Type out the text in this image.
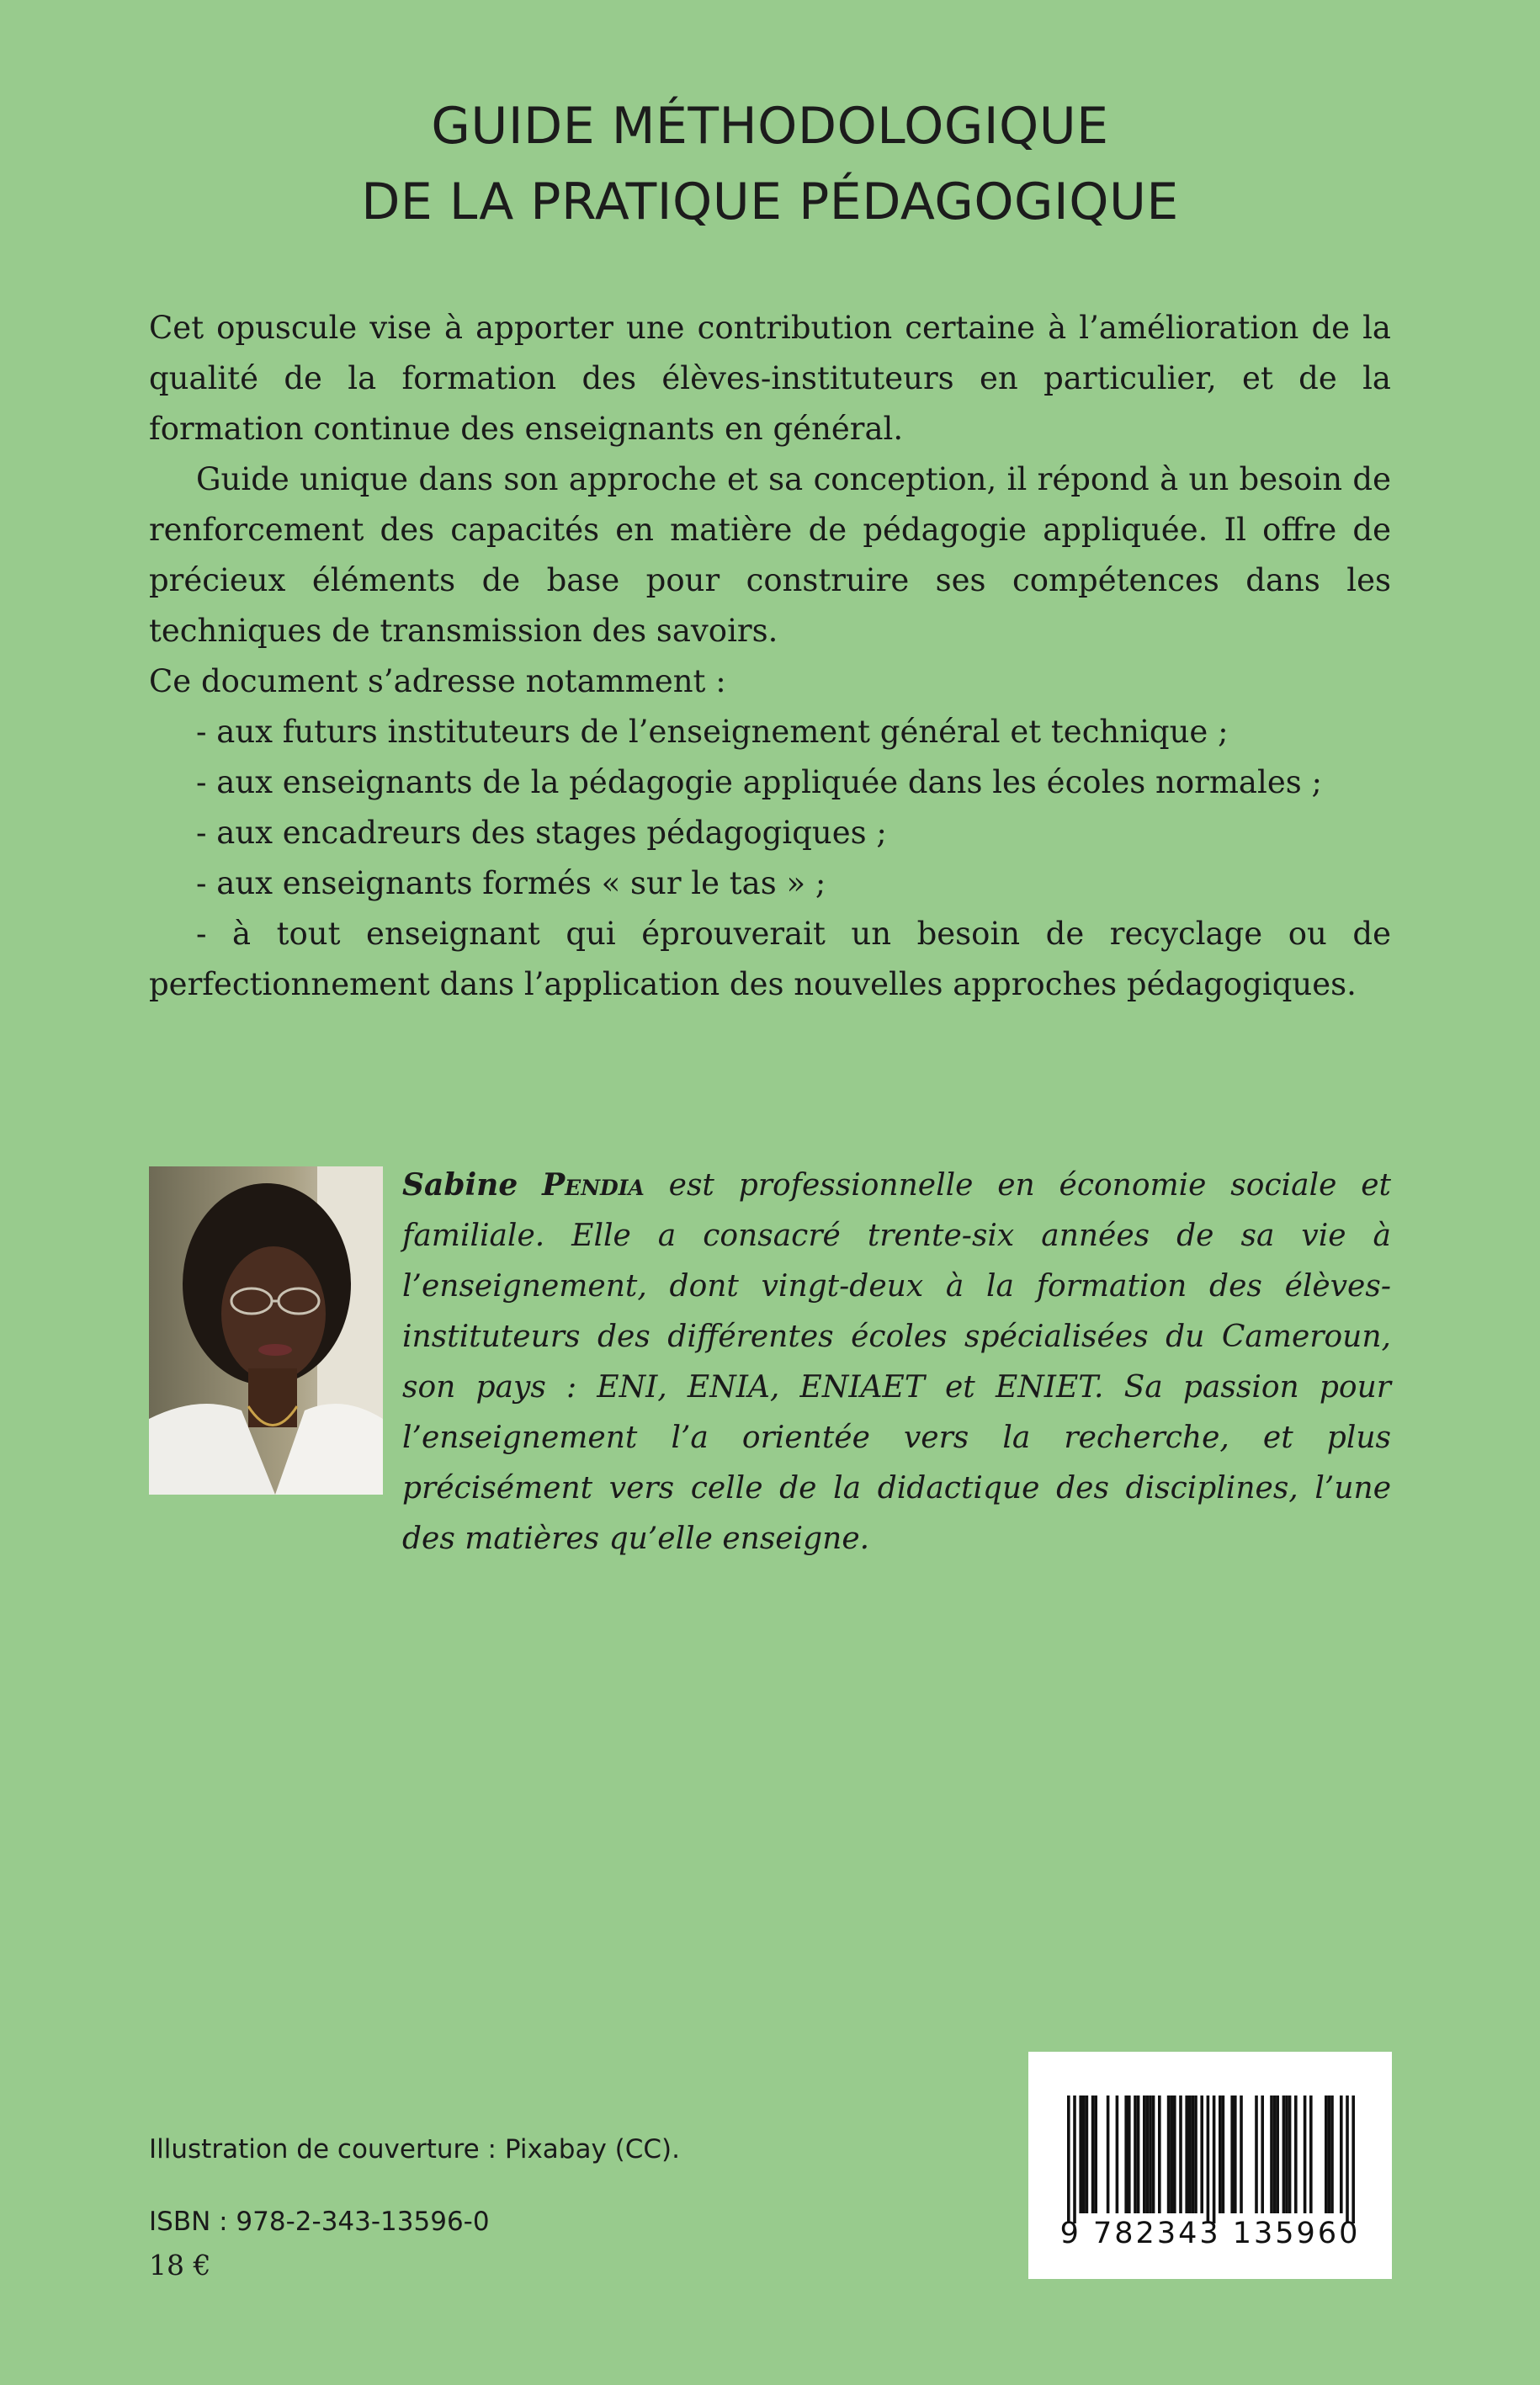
GUIDE MÉTHODOLOGIQUE
DE LA PRATIQUE PÉDAGOGIQUE

Cet opuscule vise à apporter une contribution certaine à l’amélioration de la qualité de la formation des élèves-instituteurs en particulier, et de la formation continue des enseignants en général.

Guide unique dans son approche et sa conception, il répond à un besoin de renforcement des capacités en matière de pédagogie appliquée. Il offre de précieux éléments de base pour construire ses compétences dans les techniques de transmission des savoirs.

Ce document s’adresse notamment :

- aux futurs instituteurs de l’enseignement général et technique ;

- aux enseignants de la pédagogie appliquée dans les écoles normales ;

- aux encadreurs des stages pédagogiques ;

- aux enseignants formés « sur le tas » ;

- à tout enseignant qui éprouverait un besoin de recyclage ou de perfectionnement dans l’application des nouvelles approches pédagogiques.

Sabine Pendia est professionnelle en économie sociale et familiale. Elle a consacré trente-six années de sa vie à l’enseignement, dont vingt-deux à la formation des élèves-instituteurs des différentes écoles spécialisées du Cameroun, son pays : ENI, ENIA, ENIAET et ENIET. Sa passion pour l’enseignement l’a orientée vers la recherche, et plus précisément vers celle de la didactique des disciplines, l’une des matières qu’elle enseigne.
Illustration de couverture : Pixabay (CC).
ISBN : 978-2-343-13596-0
18 €
9 782343 135960
